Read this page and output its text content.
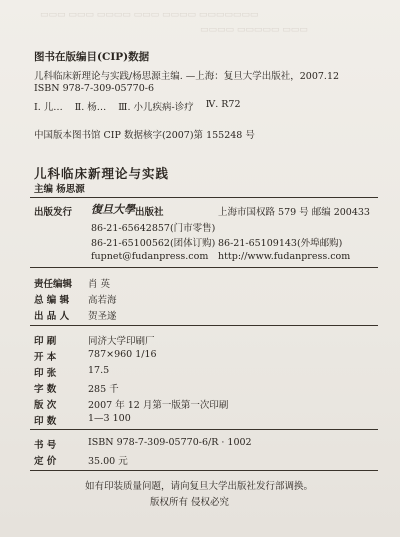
▭▭▭ ▭▭▭ ▭▭▭▭ ▭▭▭ ▭▭▭▭ ▭▭▭▭▭▭▭
▭▭▭▭ ▭▭▭▭▭ ▭▭▭
图书在版编目(CIP)数据
儿科临床新理论与实践/杨思源主编. —上海：复旦大学出版社，2007.12
ISBN 978-7-309-05770-6
Ⅰ. 儿… Ⅱ. 杨… Ⅲ. 小儿疾病-诊疗 Ⅳ. R72
中国版本图书馆 CIP 数据核字(2007)第 155248 号
儿科临床新理论与实践
主编 杨思源
出版发行 復旦大學 出版社	上海市国权路 579 号 邮编 200433
86-21-65642857(门市零售)
86-21-65100562(团体订购) 86-21-65109143(外埠邮购)
fupnet@fudanpress.com http://www.fudanpress.com
责任编辑 肖 英
总 编 辑 高若海
出 品 人 贺圣遂
印 刷	同济大学印刷厂
开 本	787×960 1/16
印 张	17.5
字 数	285 千
版 次	2007 年 12 月第一版第一次印刷
印 数	1—3 100
书 号	ISBN 978-7-309-05770-6/R · 1002
定 价	35.00 元
如有印装质量问题，请向复旦大学出版社发行部调换。
版权所有 侵权必究
